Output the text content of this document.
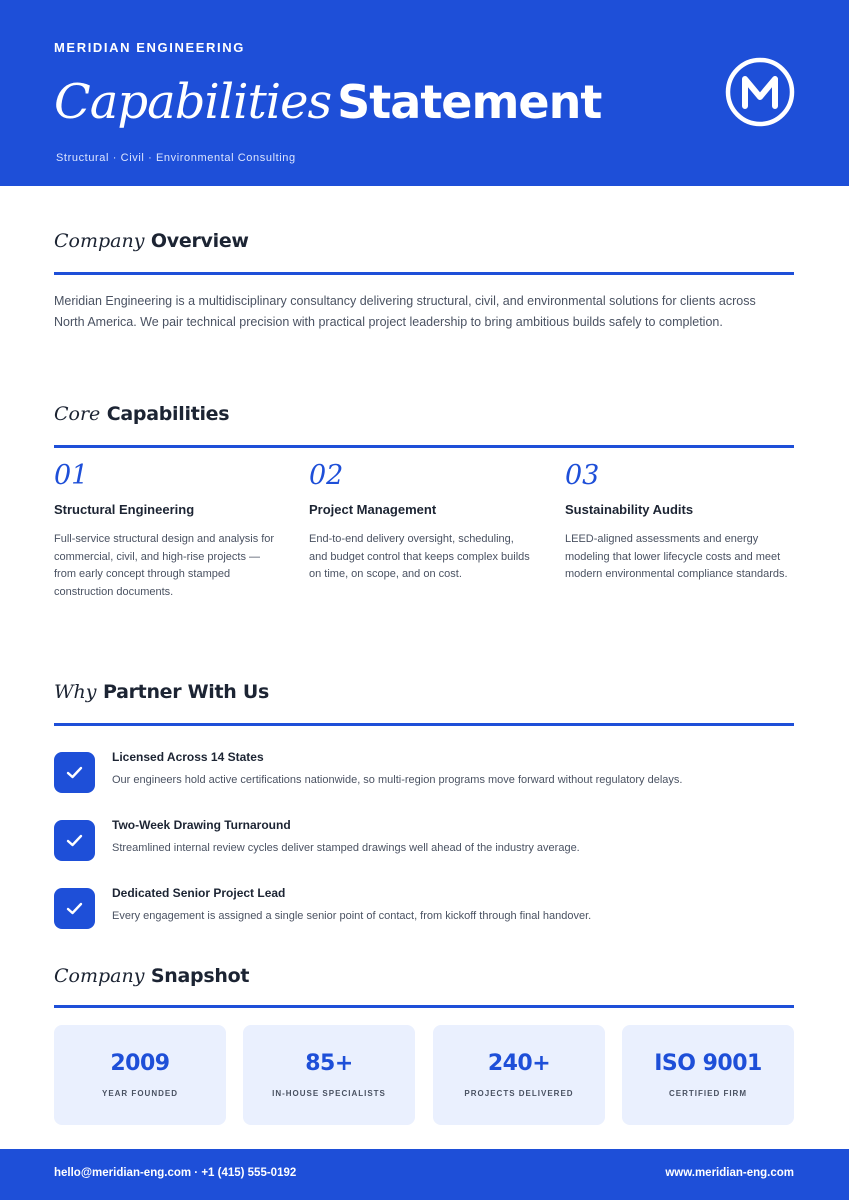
MERIDIAN ENGINEERING
Capabilities Statement
Structural · Civil · Environmental Consulting
Company Overview
Meridian Engineering is a multidisciplinary consultancy delivering structural, civil, and environmental solutions for clients across North America. We pair technical precision with practical project leadership to bring ambitious builds safely to completion.
Core Capabilities
01
Structural Engineering
Full-service structural design and analysis for commercial, civil, and high-rise projects — from early concept through stamped construction documents.
02
Project Management
End-to-end delivery oversight, scheduling, and budget control that keeps complex builds on time, on scope, and on cost.
03
Sustainability Audits
LEED-aligned assessments and energy modeling that lower lifecycle costs and meet modern environmental compliance standards.
Why Partner With Us
Licensed Across 14 States
Our engineers hold active certifications nationwide, so multi-region programs move forward without regulatory delays.
Two-Week Drawing Turnaround
Streamlined internal review cycles deliver stamped drawings well ahead of the industry average.
Dedicated Senior Project Lead
Every engagement is assigned a single senior point of contact, from kickoff through final handover.
Company Snapshot
2009
YEAR FOUNDED
85+
IN-HOUSE SPECIALISTS
240+
PROJECTS DELIVERED
ISO 9001
CERTIFIED FIRM
hello@meridian-eng.com · +1 (415) 555-0192	www.meridian-eng.com
